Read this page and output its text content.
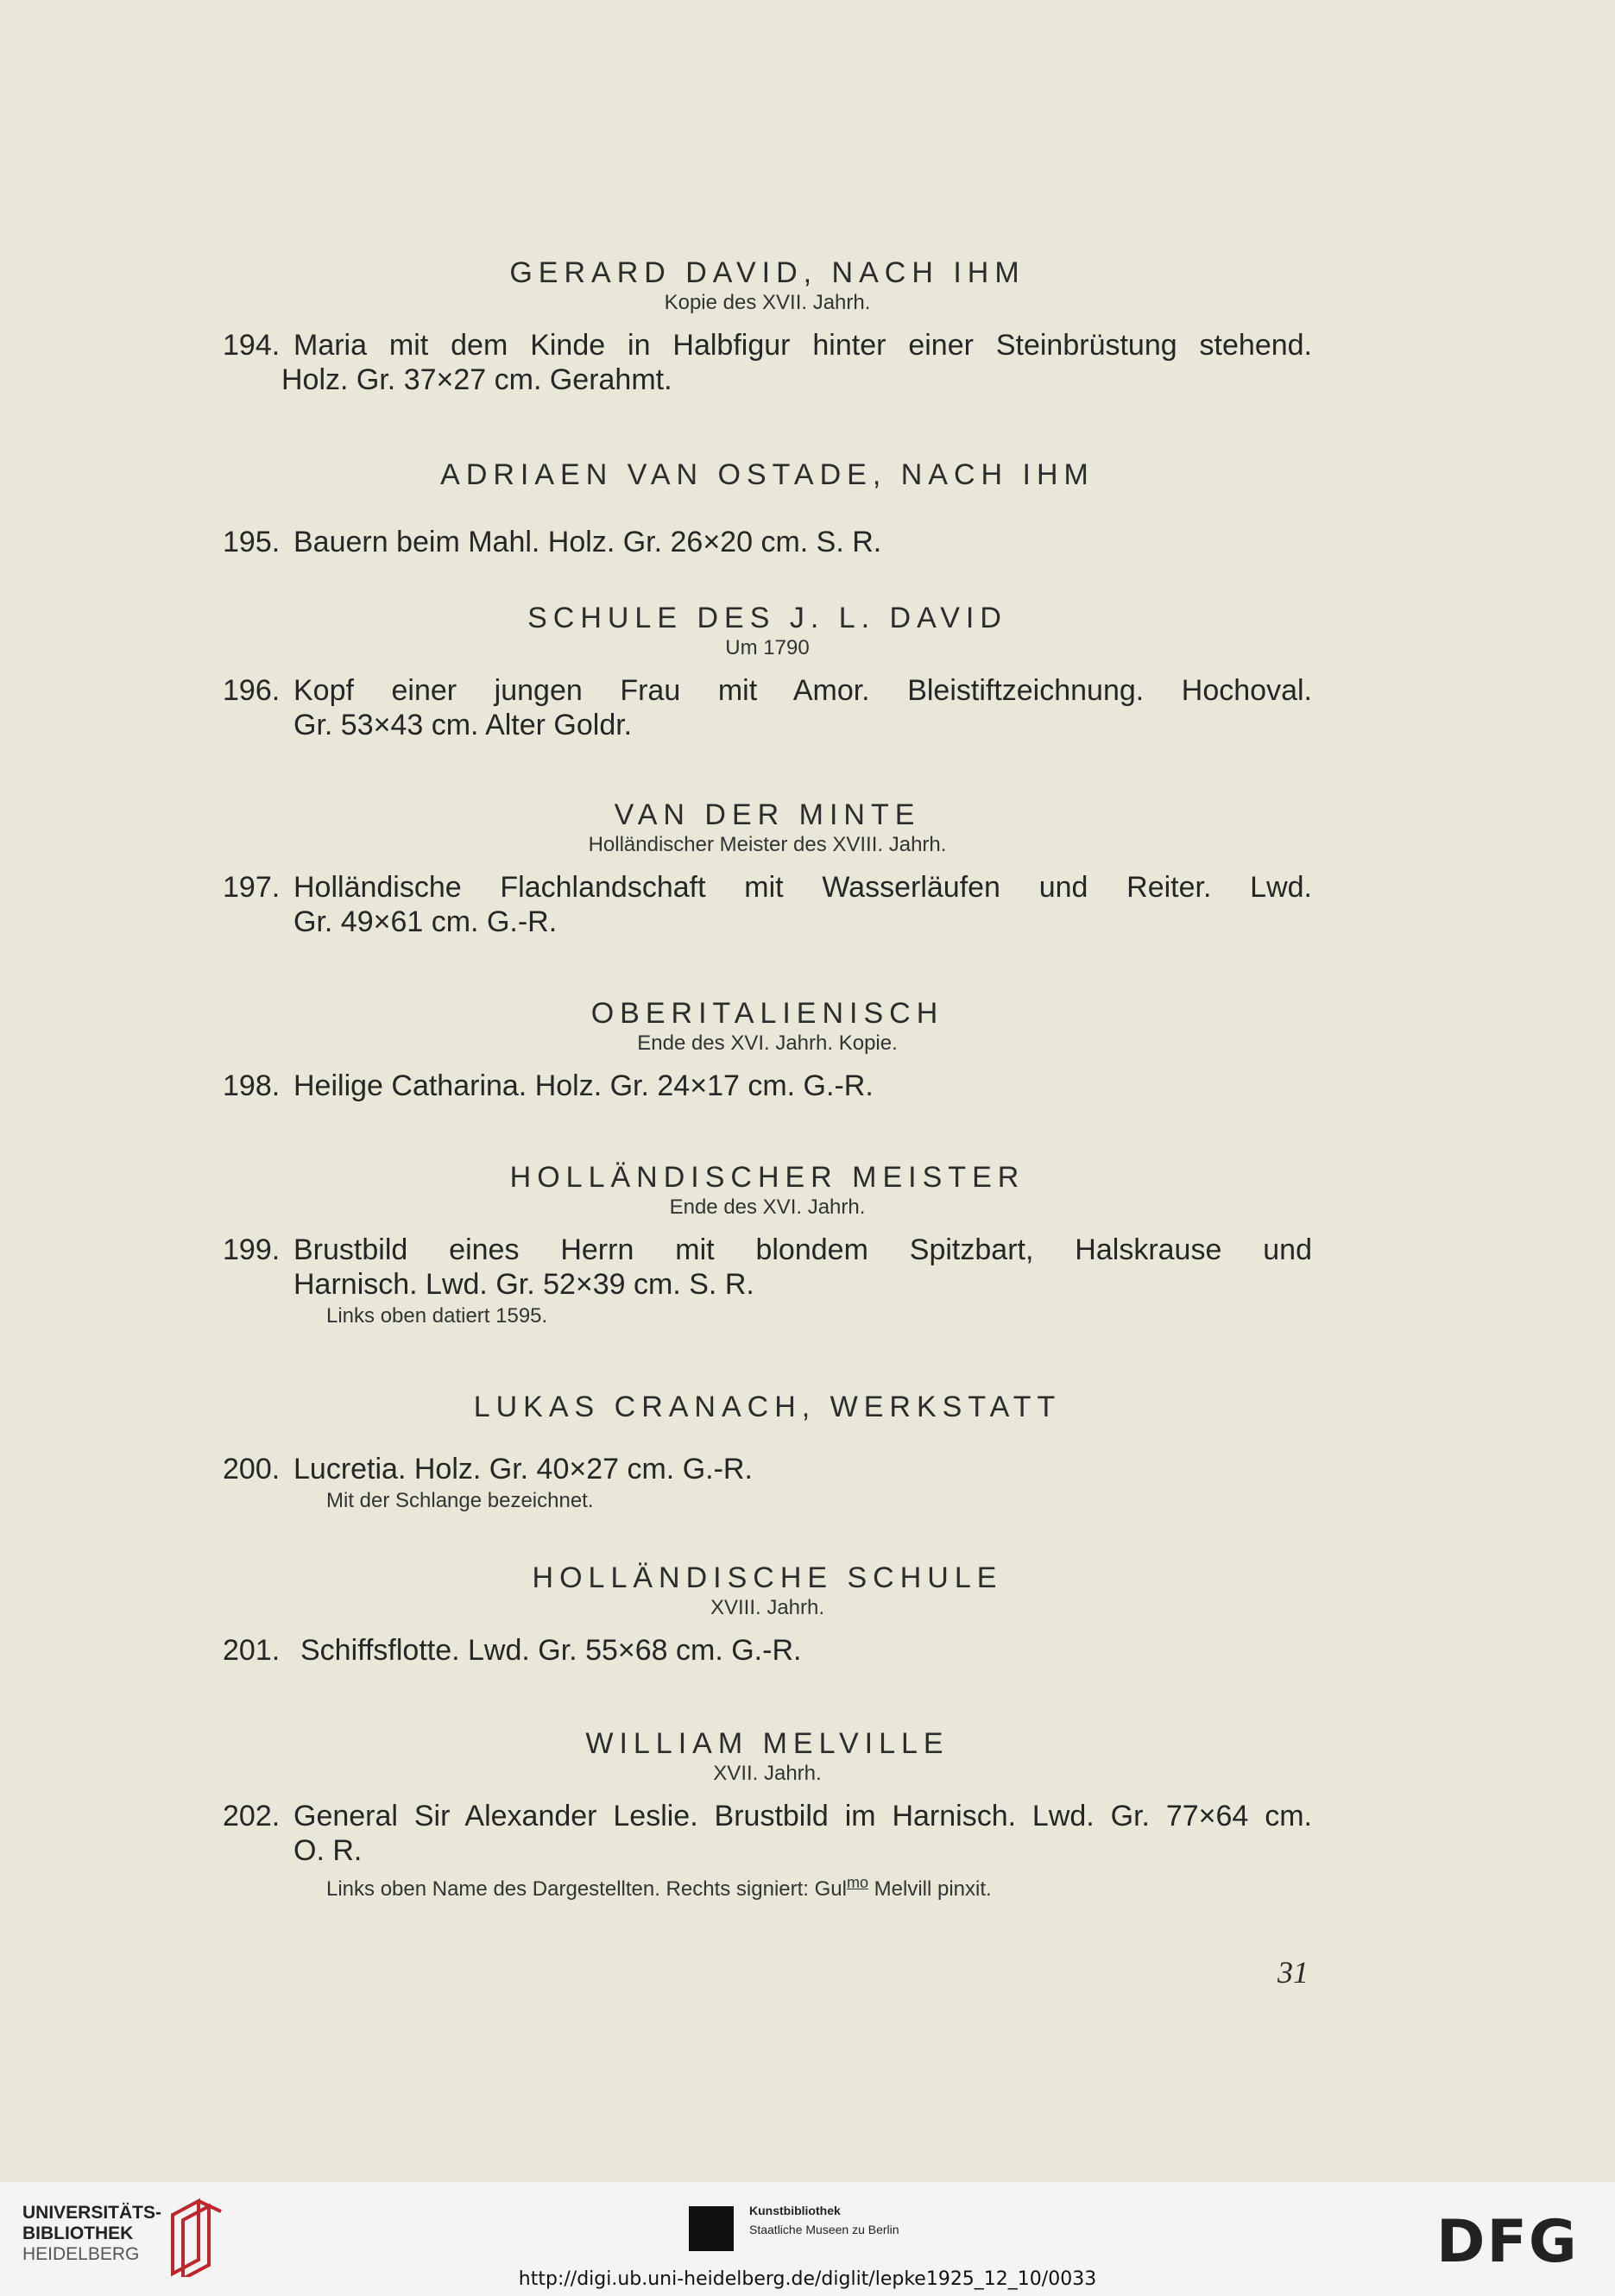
GERARD DAVID, NACH IHM
Kopie des XVII. Jahrh.
194. Maria mit dem Kinde in Halbfigur hinter einer Steinbrüstung stehend.
Holz. Gr. 37×27 cm. Gerahmt.
ADRIAEN VAN OSTADE, NACH IHM
195. Bauern beim Mahl. Holz. Gr. 26×20 cm. S. R.
SCHULE DES J. L. DAVID
Um 1790
196. Kopf einer jungen Frau mit Amor. Bleistiftzeichnung. Hochoval.
Gr. 53×43 cm. Alter Goldr.
VAN DER MINTE
Holländischer Meister des XVIII. Jahrh.
197. Holländische Flachlandschaft mit Wasserläufen und Reiter. Lwd.
Gr. 49×61 cm. G.-R.
OBERITALIENISCH
Ende des XVI. Jahrh. Kopie.
198. Heilige Catharina. Holz. Gr. 24×17 cm. G.-R.
HOLLÄNDISCHER MEISTER
Ende des XVI. Jahrh.
199. Brustbild eines Herrn mit blondem Spitzbart, Halskrause und
Harnisch. Lwd. Gr. 52×39 cm. S. R.
Links oben datiert 1595.
LUKAS CRANACH, WERKSTATT
200. Lucretia. Holz. Gr. 40×27 cm. G.-R.
Mit der Schlange bezeichnet.
HOLLÄNDISCHE SCHULE
XVIII. Jahrh.
201. Schiffsflotte. Lwd. Gr. 55×68 cm. G.-R.
WILLIAM MELVILLE
XVII. Jahrh.
202. General Sir Alexander Leslie. Brustbild im Harnisch. Lwd. Gr. 77×64 cm.
O. R.
Links oben Name des Dargestellten. Rechts signiert: Gul$^{mo}$ Melvill pinxit.
31
UNIVERSITÄTS-
BIBLIOTHEK
HEIDELBERG
Kunstbibliothek
Staatliche Museen zu Berlin	DFG
http://digi.ub.uni-heidelberg.de/diglit/lepke1925_12_10/0033
